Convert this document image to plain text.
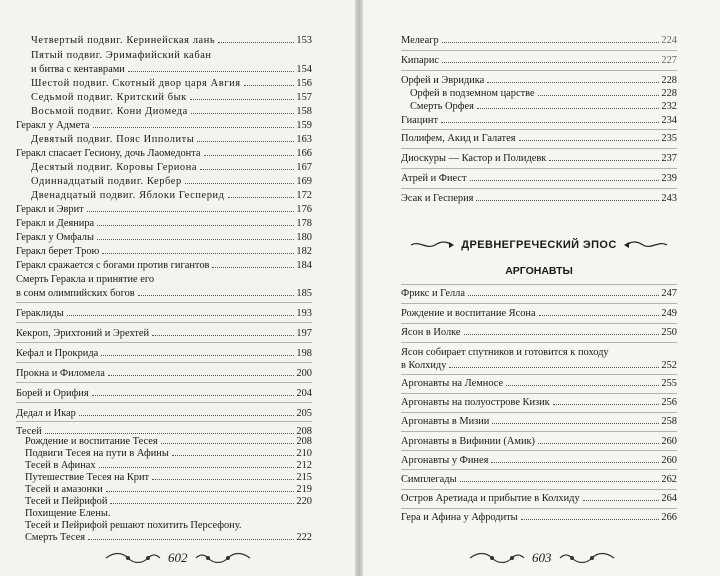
Четвертый подвиг. Керинейская лань	153
Пятый подвиг. Эримафийский кабан
и битва с кентаврами	154
Шестой подвиг. Скотный двор царя Авгия	156
Седьмой подвиг. Критский бык	157
Восьмой подвиг. Кони Диомеда	158
Геракл у Адмета	159
Девятый подвиг. Пояс Ипполиты	163
Геракл спасает Гесиону, дочь Лаомедонта	166
Десятый подвиг. Коровы Гериона	167
Одиннадцатый подвиг. Кербер	169
Двенадцатый подвиг. Яблоки Гесперид	172
Геракл и Эврит	176
Геракл и Деянира	178
Геракл у Омфалы	180
Геракл берет Трою	182
Геракл сражается с богами против гигантов	184
Смерть Геракла и принятие его
в сонм олимпийских богов	185
Гераклиды	193
Кекроп, Эрихтоний и Эрехтей	197
Кефал и Прокрида	198
Прокна и Филомела	200
Борей и Орифия	204
Дедал и Икар	205
Тесей	208
Рождение и воспитание Тесея	208
Подвиги Тесея на пути в Афины	210
Тесей в Афинах	212
Путешествие Тесея на Крит	215
Тесей и амазонки	219
Тесей и Пейрифой	220
Похищение Елены.
Тесей и Пейрифой решают похитить Персефону.
Смерть Тесея	222
602
Мелеагр	224
Кипарис	227
Орфей и Эвридика	228
Орфей в подземном царстве	228
Смерть Орфея	232
Гиацинт	234
Полифем, Акид и Галатея	235
Диоскуры — Кастор и Полидевк	237
Атрей и Фиест	239
Эсак и Гесперия	243
ДРЕВНЕГРЕЧЕСКИЙ ЭПОС
АРГОНАВТЫ
Фрикс и Гелла	247
Рождение и воспитание Ясона	249
Ясон в Иолке	250
Ясон собирает спутников и готовится к походу
в Колхиду	252
Аргонавты на Лемносе	255
Аргонавты на полуострове Кизик	256
Аргонавты в Мизии	258
Аргонавты в Вифинии (Амик)	260
Аргонавты у Финея	260
Симплегады	262
Остров Аретиада и прибытие в Колхиду	264
Гера и Афина у Афродиты	266
603
